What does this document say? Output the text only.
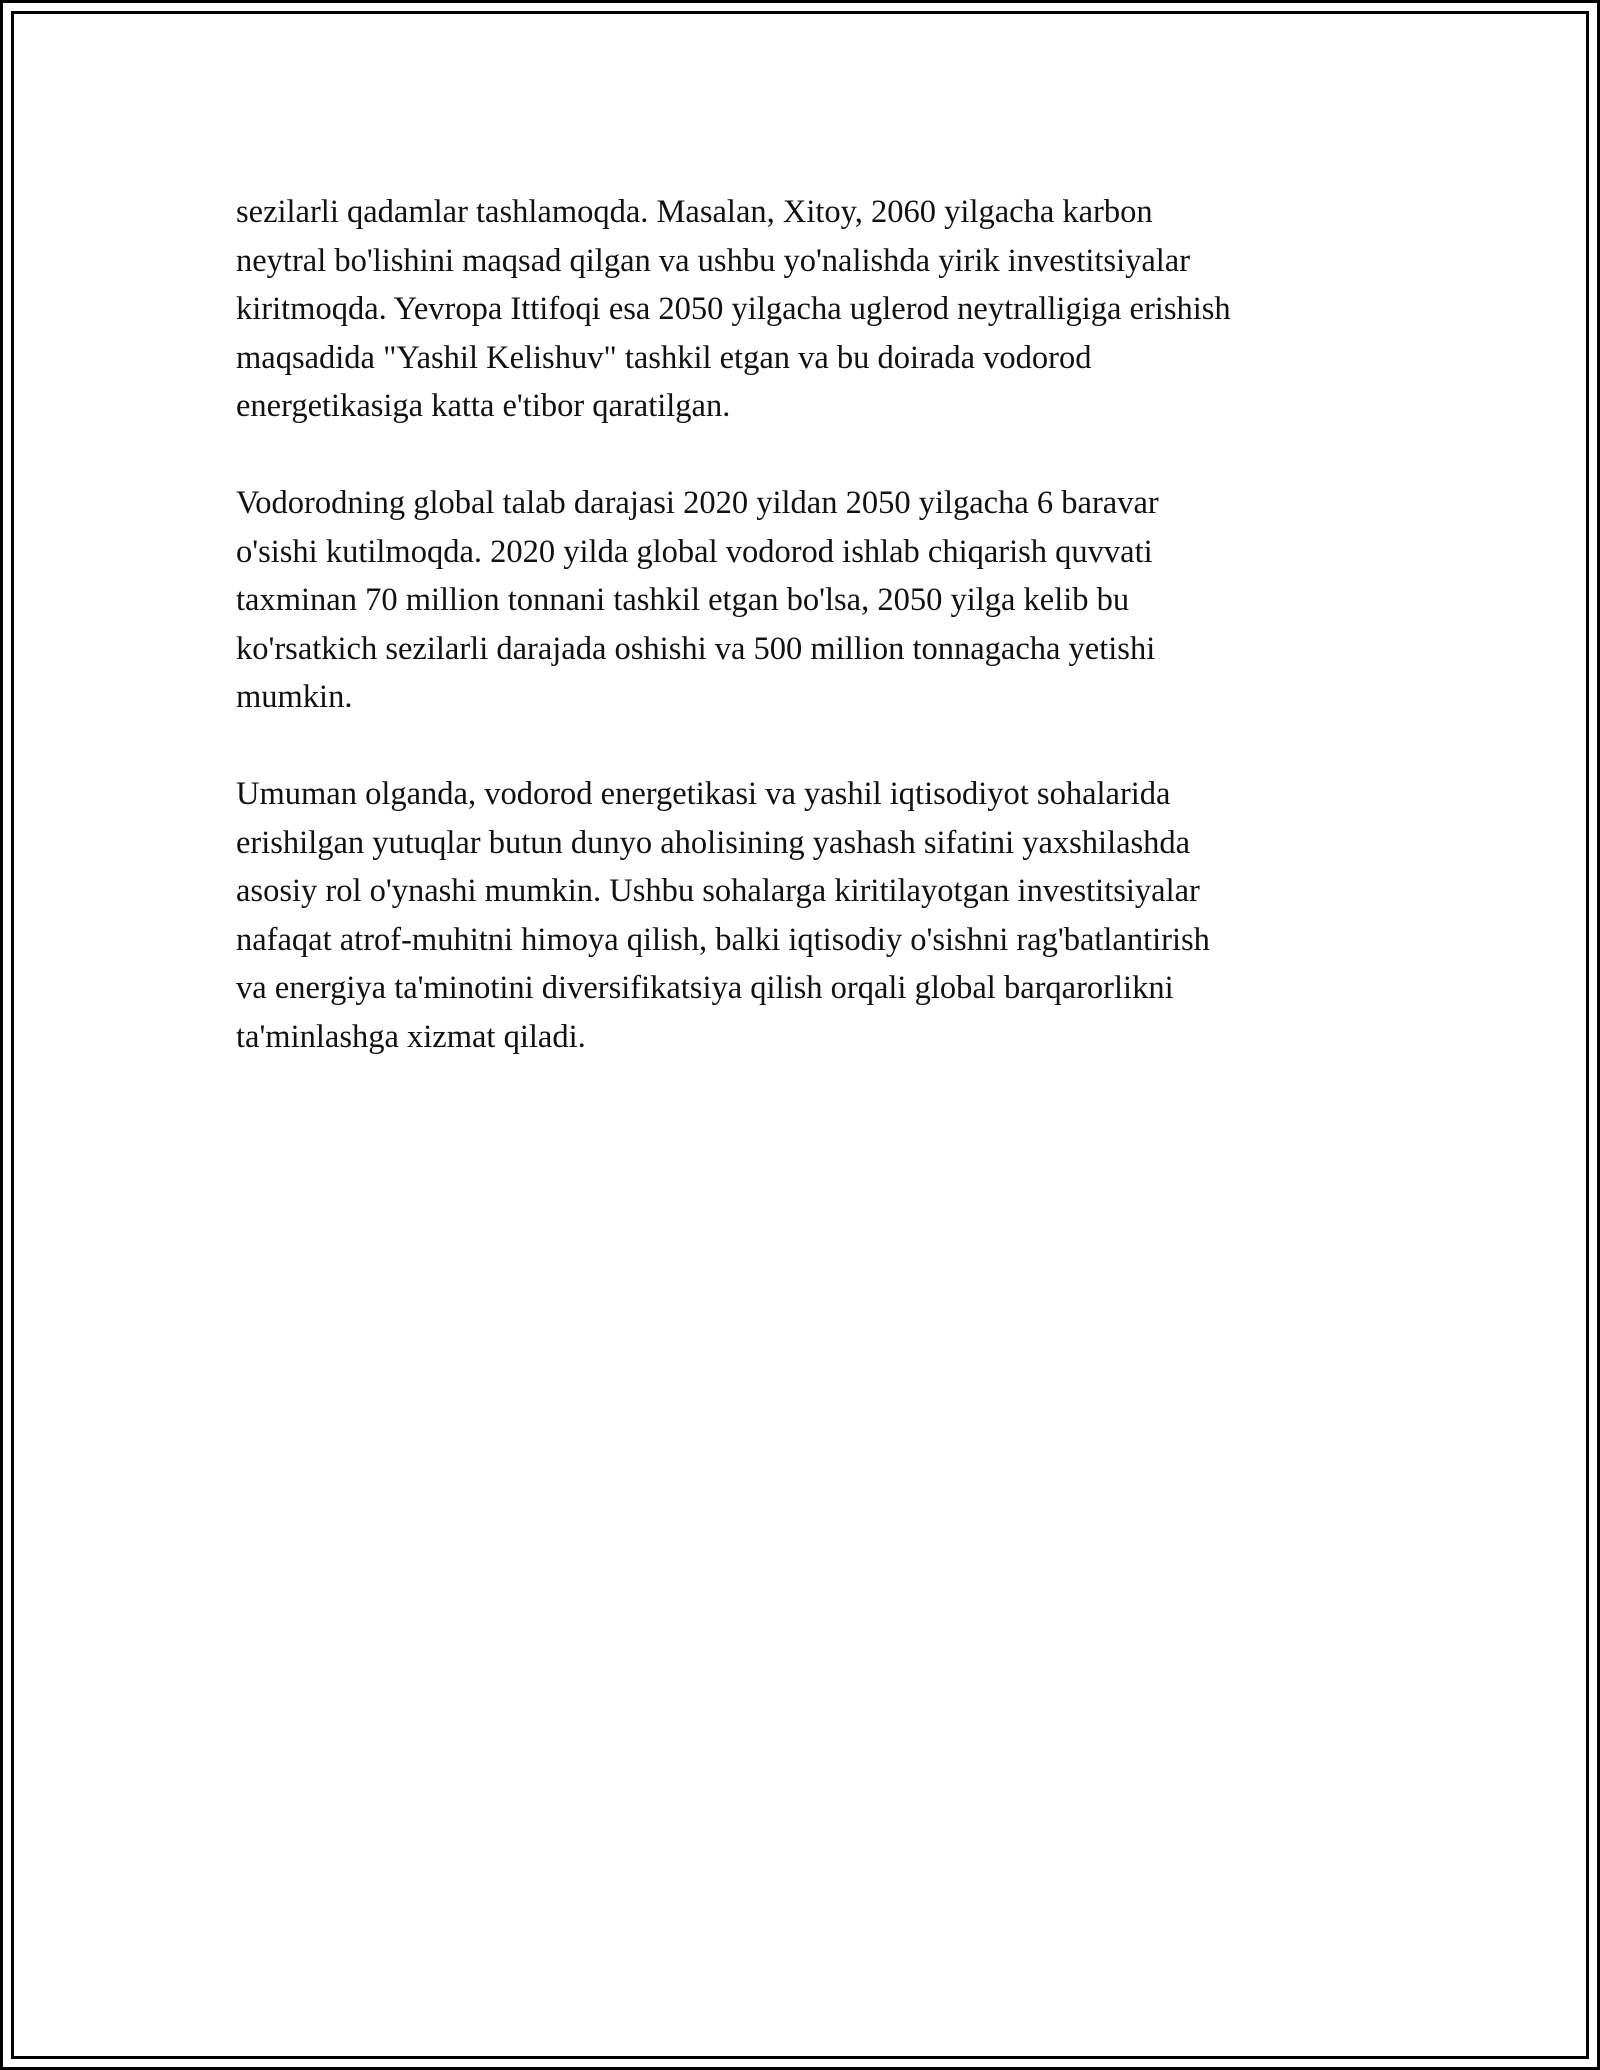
sezilarli qadamlar tashlamoqda. Masalan, Xitoy, 2060 yilgacha karbon
neytral bo'lishini maqsad qilgan va ushbu yo'nalishda yirik investitsiyalar
kiritmoqda. Yevropa Ittifoqi esa 2050 yilgacha uglerod neytralligiga erishish
maqsadida "Yashil Kelishuv" tashkil etgan va bu doirada vodorod
energetikasiga katta e'tibor qaratilgan.
Vodorodning global talab darajasi 2020 yildan 2050 yilgacha 6 baravar
o'sishi kutilmoqda. 2020 yilda global vodorod ishlab chiqarish quvvati
taxminan 70 million tonnani tashkil etgan bo'lsa, 2050 yilga kelib bu
ko'rsatkich sezilarli darajada oshishi va 500 million tonnagacha yetishi
mumkin.
Umuman olganda, vodorod energetikasi va yashil iqtisodiyot sohalarida
erishilgan yutuqlar butun dunyo aholisining yashash sifatini yaxshilashda
asosiy rol o'ynashi mumkin. Ushbu sohalarga kiritilayotgan investitsiyalar
nafaqat atrof-muhitni himoya qilish, balki iqtisodiy o'sishni rag'batlantirish
va energiya ta'minotini diversifikatsiya qilish orqali global barqarorlikni
ta'minlashga xizmat qiladi.
